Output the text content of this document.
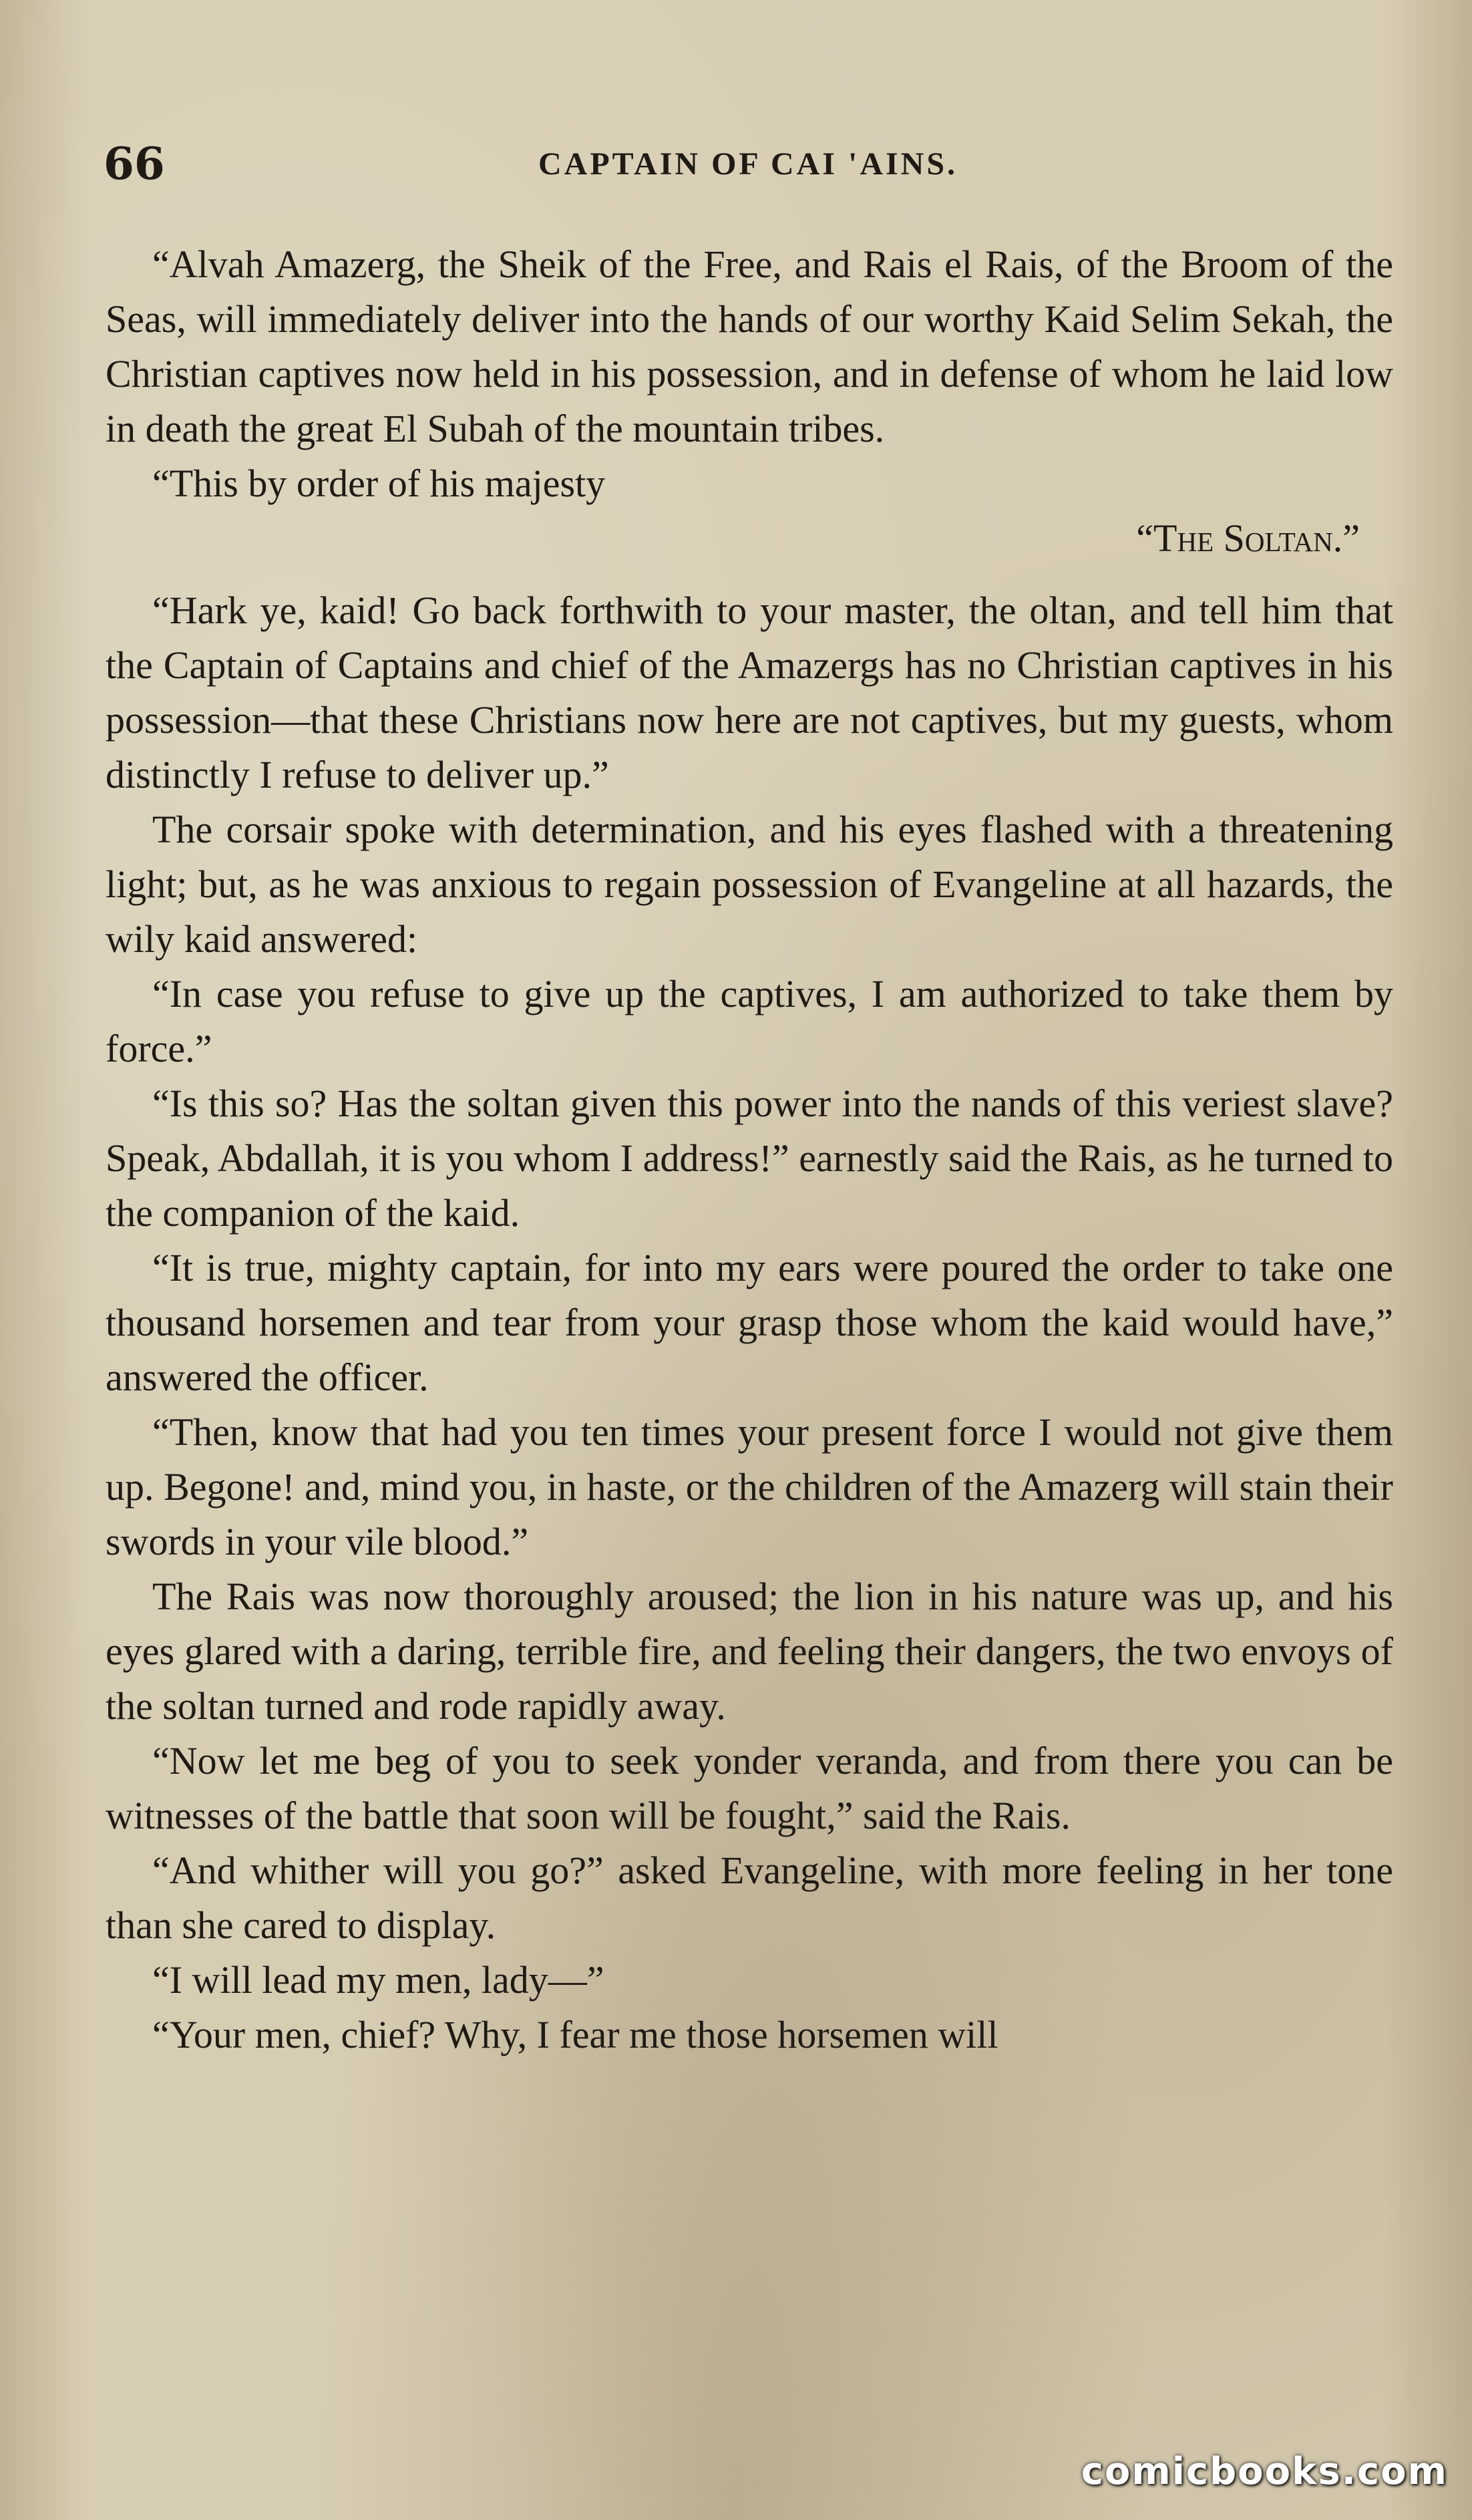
66	CAPTAIN OF CAI 'AINS.

“Alvah Amazerg, the Sheik of the Free, and Rais el Rais, of the Broom of the Seas, will immediately deliver into the hands of our worthy Kaid Selim Sekah, the Christian captives now held in his possession, and in defense of whom he laid low in death the great El Subah of the mountain tribes.

“This by order of his majesty

“The Soltan.”

“Hark ye, kaid! Go back forthwith to your master, the oltan, and tell him that the Captain of Captains and chief of the Amazergs has no Christian captives in his possession—that these Christians now here are not captives, but my guests, whom distinctly I refuse to deliver up.”

The corsair spoke with determination, and his eyes flashed with a threatening light; but, as he was anxious to regain possession of Evangeline at all hazards, the wily kaid answered:

“In case you refuse to give up the captives, I am authorized to take them by force.”

“Is this so? Has the soltan given this power into the nands of this veriest slave? Speak, Abdallah, it is you whom I address!” earnestly said the Rais, as he turned to the companion of the kaid.

“It is true, mighty captain, for into my ears were poured the order to take one thousand horsemen and tear from your grasp those whom the kaid would have,” answered the officer.

“Then, know that had you ten times your present force I would not give them up. Begone! and, mind you, in haste, or the children of the Amazerg will stain their swords in your vile blood.”

The Rais was now thoroughly aroused; the lion in his nature was up, and his eyes glared with a daring, terrible fire, and feeling their dangers, the two envoys of the soltan turned and rode rapidly away.

“Now let me beg of you to seek yonder veranda, and from there you can be witnesses of the battle that soon will be fought,” said the Rais.

“And whither will you go?” asked Evangeline, with more feeling in her tone than she cared to display.

“I will lead my men, lady—”

“Your men, chief? Why, I fear me those horsemen will

comicbooks.com
